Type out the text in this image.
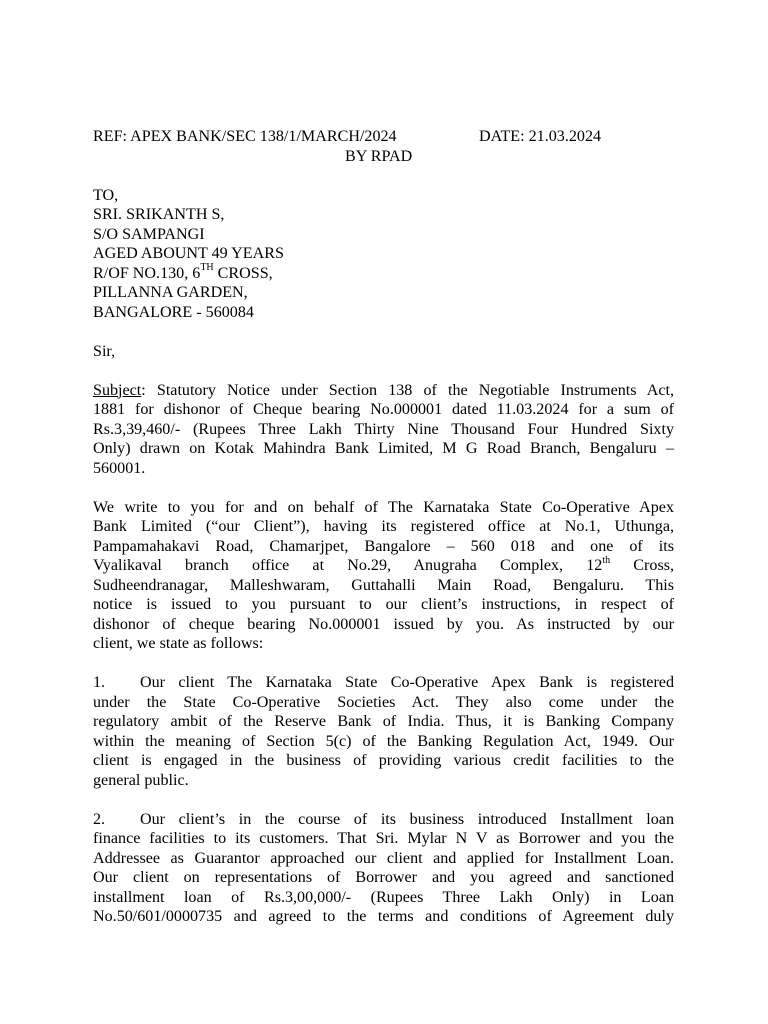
REF: APEX BANK/SEC 138/1/MARCH/2024	DATE: 21.03.2024
BY RPAD
TO,
SRI. SRIKANTH S,
S/O SAMPANGI
AGED ABOUNT 49 YEARS
R/OF NO.130, 6TH CROSS,
PILLANNA GARDEN,
BANGALORE - 560084
Sir,
Subject: Statutory Notice under Section 138 of the Negotiable Instruments Act,
1881 for dishonor of Cheque bearing No.000001 dated 11.03.2024 for a sum of
Rs.3,39,460/- (Rupees Three Lakh Thirty Nine Thousand Four Hundred Sixty
Only) drawn on Kotak Mahindra Bank Limited, M G Road Branch, Bengaluru –
560001.
We write to you for and on behalf of The Karnataka State Co-Operative Apex
Bank Limited (“our Client”), having its registered office at No.1, Uthunga,
Pampamahakavi Road, Chamarjpet, Bangalore – 560 018 and one of its
Vyalikaval branch office at No.29, Anugraha Complex, 12th Cross,
Sudheendranagar, Malleshwaram, Guttahalli Main Road, Bengaluru. This
notice is issued to you pursuant to our client’s instructions, in respect of
dishonor of cheque bearing No.000001 issued by you. As instructed by our
client, we state as follows:
1. Our client The Karnataka State Co-Operative Apex Bank is registered
under the State Co-Operative Societies Act. They also come under the
regulatory ambit of the Reserve Bank of India. Thus, it is Banking Company
within the meaning of Section 5(c) of the Banking Regulation Act, 1949. Our
client is engaged in the business of providing various credit facilities to the
general public.
2. Our client’s in the course of its business introduced Installment loan
finance facilities to its customers. That Sri. Mylar N V as Borrower and you the
Addressee as Guarantor approached our client and applied for Installment Loan.
Our client on representations of Borrower and you agreed and sanctioned
installment loan of Rs.3,00,000/- (Rupees Three Lakh Only) in Loan
No.50/601/0000735 and agreed to the terms and conditions of Agreement duly
